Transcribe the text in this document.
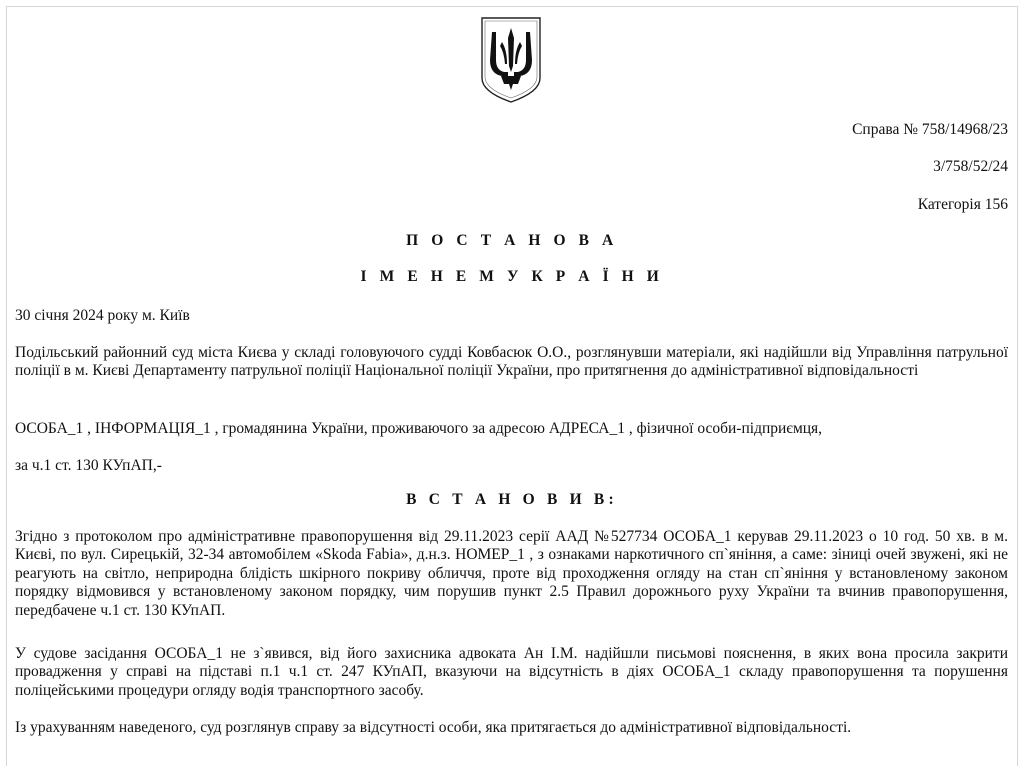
Справа № 758/14968/23
3/758/52/24
Категорія 156
П О С Т А Н О В А
І М Е Н Е М У К Р А Ї Н И
30 січня 2024 року м. Київ
Подільський районний суд міста Києва у складі головуючого судді Ковбасюк О.О., розглянувши матеріали, які надійшли від Управління патрульної поліції в м. Києві Департаменту патрульної поліції Національної поліції України, про притягнення до адміністративної відповідальності
ОСОБА_1 , ІНФОРМАЦІЯ_1 , громадянина України, проживаючого за адресою АДРЕСА_1 , фізичної особи-підприємця,
за ч.1 ст. 130 КУпАП,-
В С Т А Н О В И В:
Згідно з протоколом про адміністративне правопорушення від 29.11.2023 серії ААД №527734 ОСОБА_1 керував 29.11.2023 о 10 год. 50 хв. в м. Києві, по вул. Сирецькій, 32-34 автомобілем «Skoda Fabia», д.н.з. НОМЕР_1 , з ознаками наркотичного сп`яніння, а саме: зіниці очей звужені, які не реагують на світло, неприродна блідість шкірного покриву обличчя, проте від проходження огляду на стан сп`яніння у встановленому законом порядку відмовився у встановленому законом порядку, чим порушив пункт 2.5 Правил дорожнього руху України та вчинив правопорушення, передбачене ч.1 ст. 130 КУпАП.
У судове засідання ОСОБА_1 не з`явився, від його захисника адвоката Ан І.М. надійшли письмові пояснення, в яких вона просила закрити провадження у справі на підставі п.1 ч.1 ст. 247 КУпАП, вказуючи на відсутність в діях ОСОБА_1 складу правопорушення та порушення поліцейськими процедури огляду водія транспортного засобу.
Із урахуванням наведеного, суд розглянув справу за відсутності особи, яка притягається до адміністративної відповідальності.
